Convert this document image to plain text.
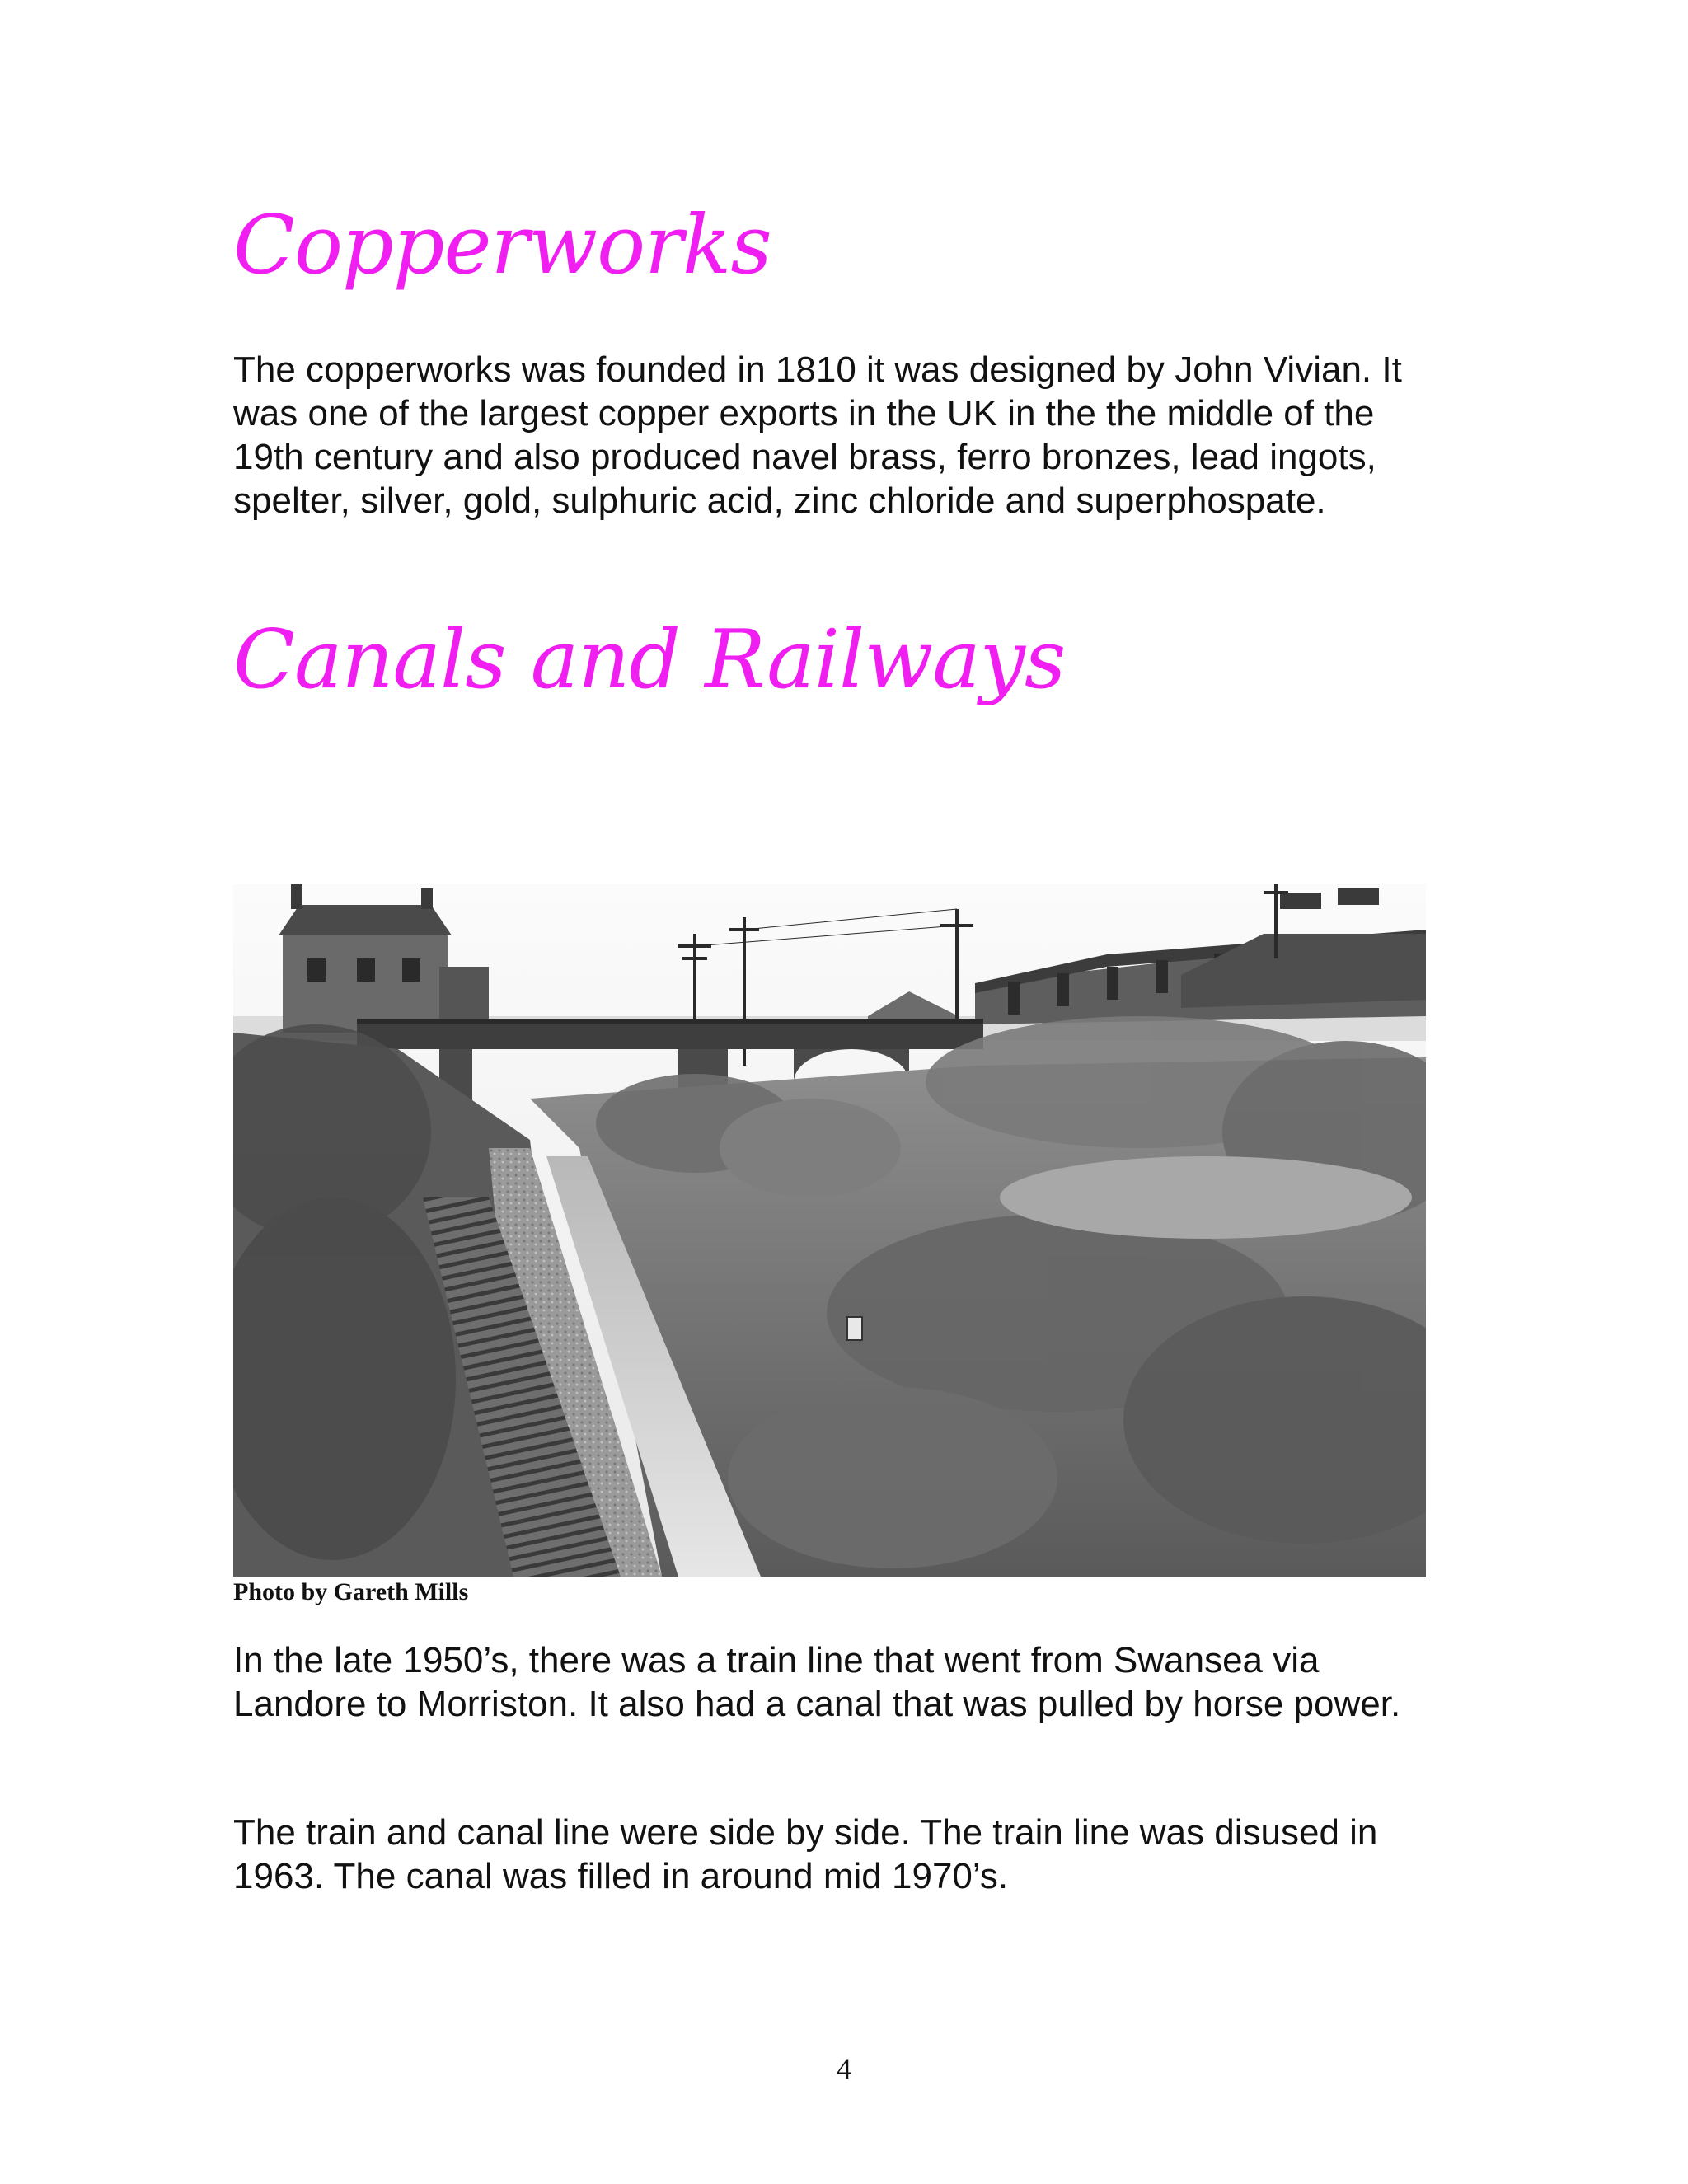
Copperworks

The copperworks was founded in 1810 it was designed by John Vivian. It was one of the largest copper exports in the UK in the the middle of the 19th century and also produced navel brass, ferro bronzes, lead ingots, spelter, silver, gold, sulphuric acid, zinc chloride and superphospate.

Canals and Railways

Photo by Gareth Mills

In the late 1950’s, there was a train line that went from Swansea via Landore to Morriston. It also had a canal that was pulled by horse power.

The train and canal line were side by side. The train line was disused in 1963. The canal was filled in around mid 1970’s.

4
